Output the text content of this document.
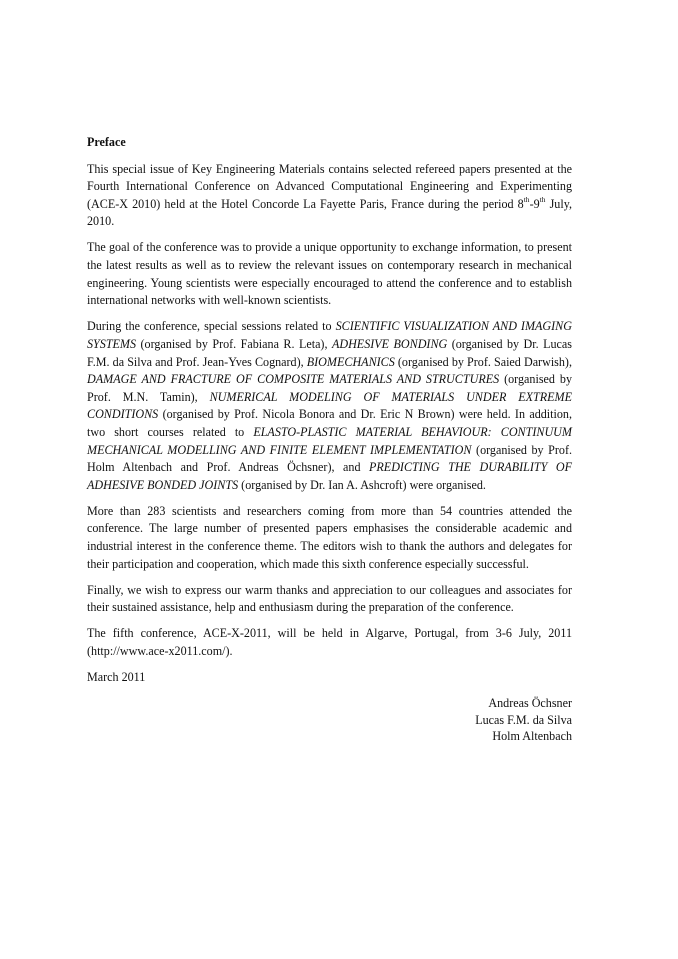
Preface

This special issue of Key Engineering Materials contains selected refereed papers presented at the Fourth International Conference on Advanced Computational Engineering and Experimenting (ACE-X 2010) held at the Hotel Concorde La Fayette Paris, France during the period 8th-9th July, 2010.

The goal of the conference was to provide a unique opportunity to exchange information, to present the latest results as well as to review the relevant issues on contemporary research in mechanical engineering. Young scientists were especially encouraged to attend the conference and to establish international networks with well-known scientists.

During the conference, special sessions related to SCIENTIFIC VISUALIZATION AND IMAGING SYSTEMS (organised by Prof. Fabiana R. Leta), ADHESIVE BONDING (organised by Dr. Lucas F.M. da Silva and Prof. Jean-Yves Cognard), BIOMECHANICS (organised by Prof. Saied Darwish), DAMAGE AND FRACTURE OF COMPOSITE MATERIALS AND STRUCTURES (organised by Prof. M.N. Tamin), NUMERICAL MODELING OF MATERIALS UNDER EXTREME CONDITIONS (organised by Prof. Nicola Bonora and Dr. Eric N Brown) were held. In addition, two short courses related to ELASTO-PLASTIC MATERIAL BEHAVIOUR: CONTINUUM MECHANICAL MODELLING AND FINITE ELEMENT IMPLEMENTATION (organised by Prof. Holm Altenbach and Prof. Andreas Öchsner), and PREDICTING THE DURABILITY OF ADHESIVE BONDED JOINTS (organised by Dr. Ian A. Ashcroft) were organised.

More than 283 scientists and researchers coming from more than 54 countries attended the conference. The large number of presented papers emphasises the considerable academic and industrial interest in the conference theme. The editors wish to thank the authors and delegates for their participation and cooperation, which made this sixth conference especially successful.

Finally, we wish to express our warm thanks and appreciation to our colleagues and associates for their sustained assistance, help and enthusiasm during the preparation of the conference.

The fifth conference, ACE-X-2011, will be held in Algarve, Portugal, from 3-6 July, 2011 (http://www.ace-x2011.com/).

March 2011
Andreas Öchsner
Lucas F.M. da Silva
Holm Altenbach
